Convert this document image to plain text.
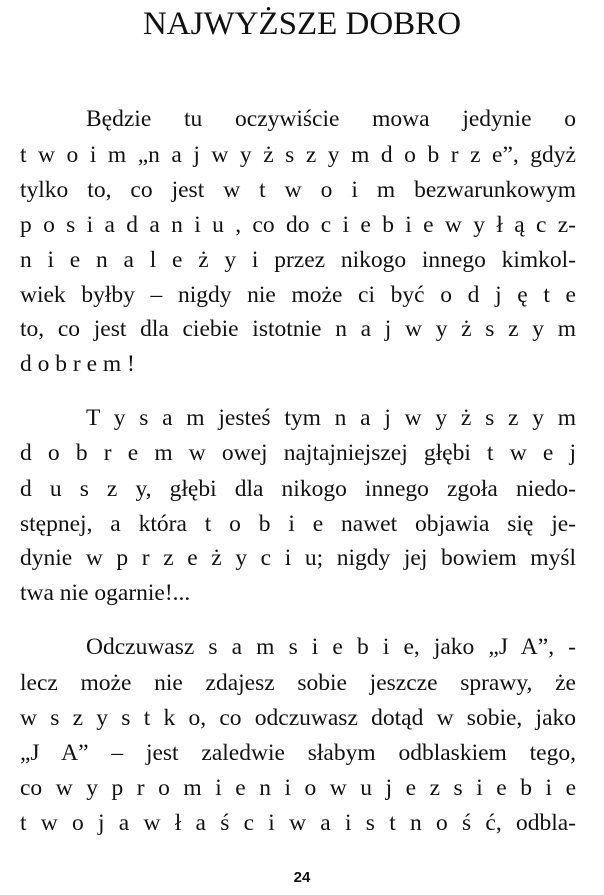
NAJWYŻSZE DOBRO
Będzie tu oczywiście mowa jedynie o
t w o i m „n a j w y ż s z y m d o b r z e”, gdyż
tylko to, co jest w t w o i m bezwarunkowym
p o s i a d a n i u , co do c i e b i e w y ł ą c z-
n i e n a l e ż y i przez nikogo innego kimkol-
wiek byłby – nigdy nie może ci być o d j ę t e
to, co jest dla ciebie istotnie n a j w y ż s z y m
d o b r e m !
T y s a m jesteś tym n a j w y ż s z y m
d o b r e m w owej najtajniejszej głębi t w e j
d u s z y, głębi dla nikogo innego zgoła niedo-
stępnej, a która t o b i e nawet objawia się je-
dynie w p r z e ż y c i u; nigdy jej bowiem myśl
twa nie ogarnie!...
Odczuwasz s a m s i e b i e, jako „J A”, -
lecz może nie zdajesz sobie jeszcze sprawy, że
w s z y s t k o, co odczuwasz dotąd w sobie, jako
„J A” – jest zaledwie słabym odblaskiem tego,
co w y p r o m i e n i o w u j e z s i e b i e
t w o j a w ł a ś c i w a i s t n o ś ć, odbla-
24
